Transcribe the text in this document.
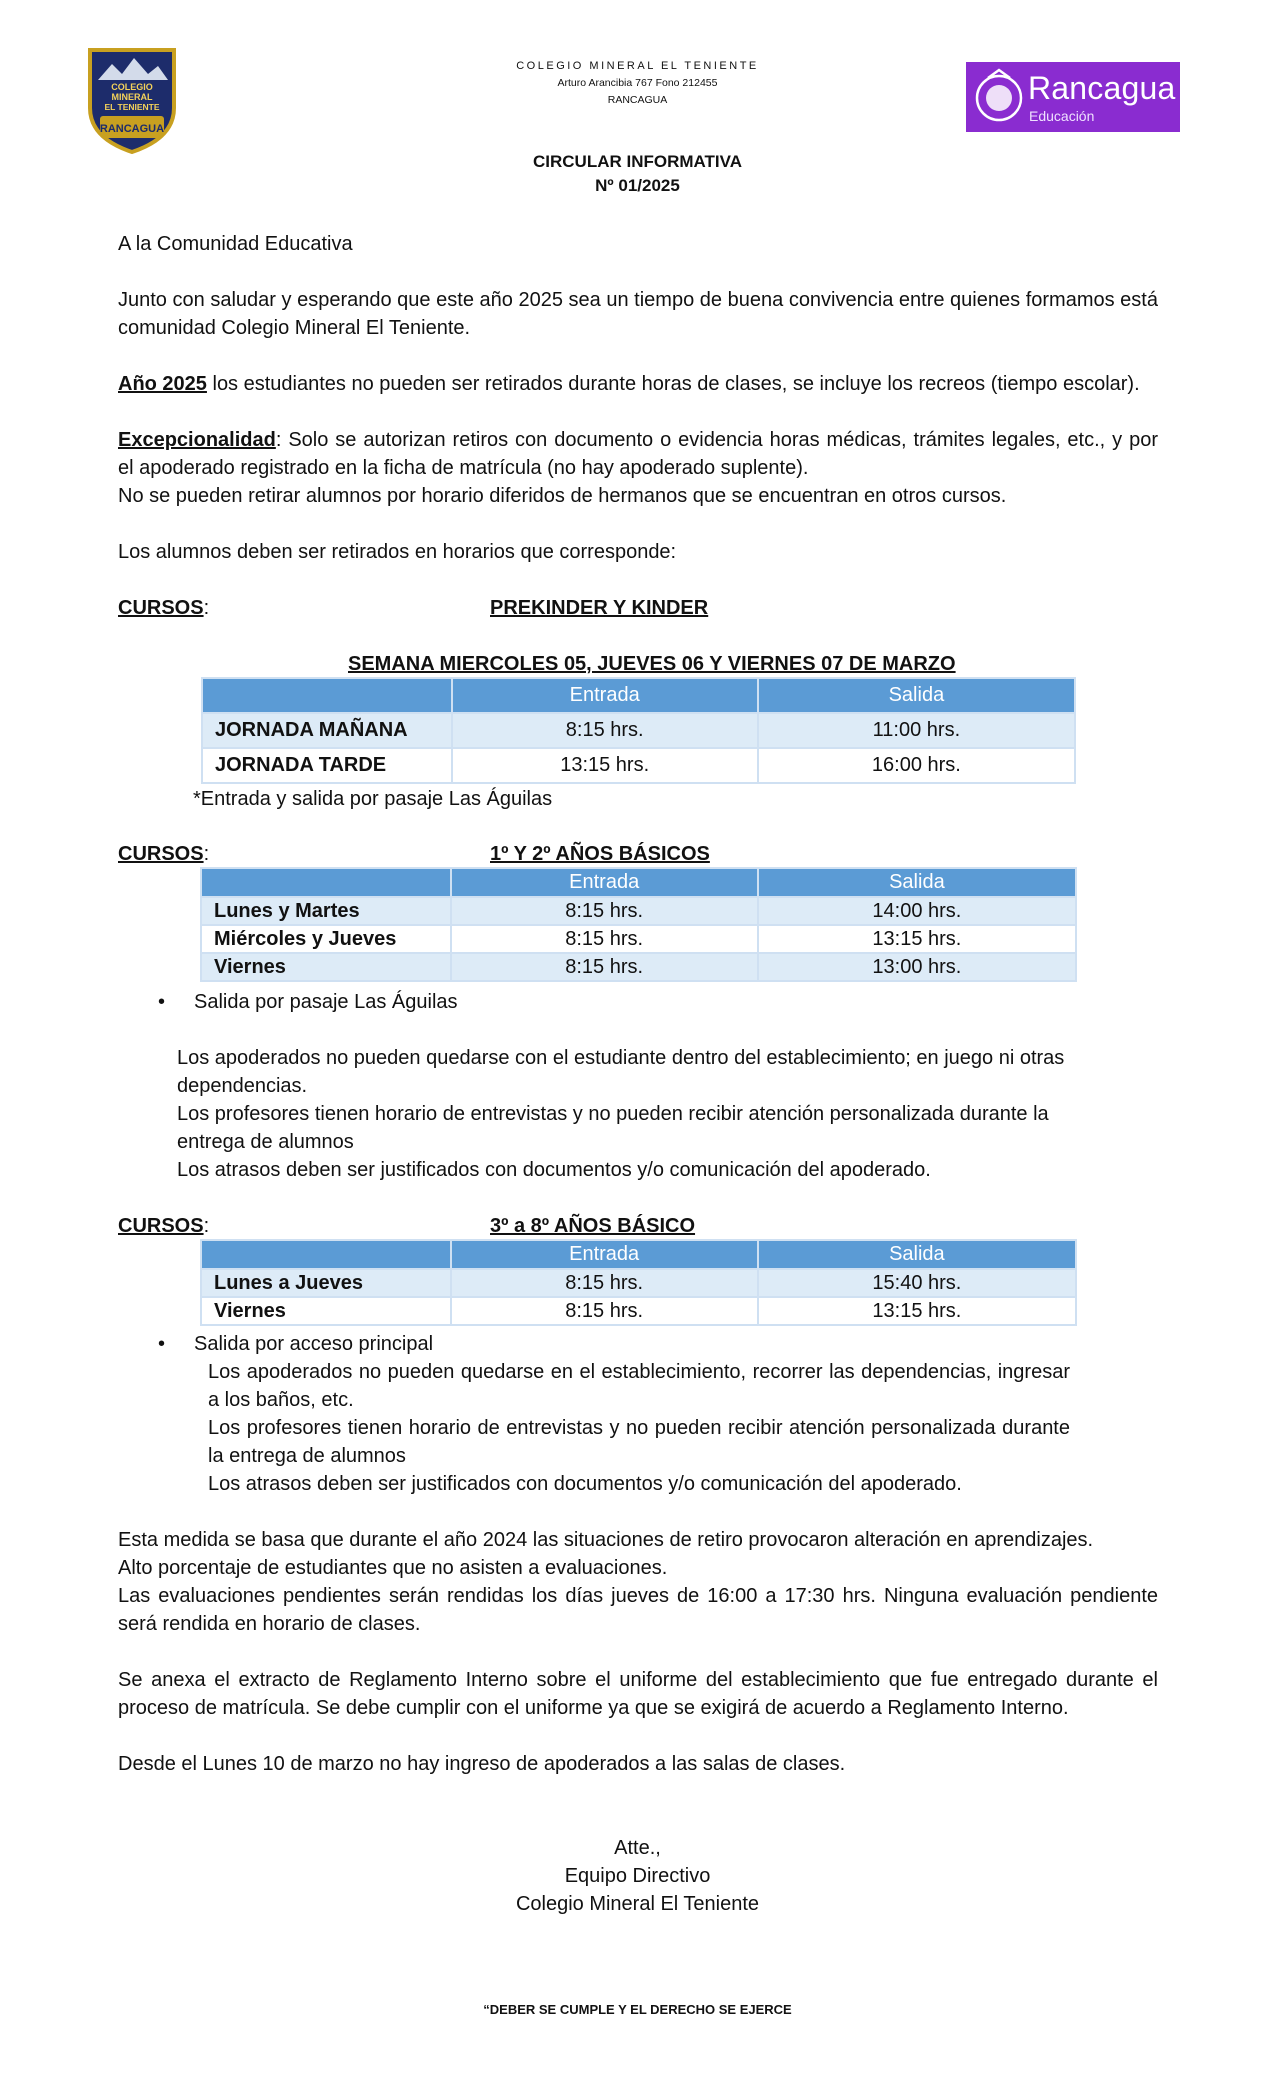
COLEGIO
MINERAL
EL TENIENTE
RANCAGUA
COLEGIO MINERAL EL TENIENTE
Arturo Arancibia 767 Fono 212455
RANCAGUA	Rancagua
Educación
CIRCULAR INFORMATIVA
Nº 01/2025

A la Comunidad Educativa

Junto con saludar y esperando que este año 2025 sea un tiempo de buena convivencia entre quienes formamos está comunidad Colegio Mineral El Teniente.

Año 2025 los estudiantes no pueden ser retirados durante horas de clases, se incluye los recreos (tiempo escolar).

Excepcionalidad: Solo se autorizan retiros con documento o evidencia horas médicas, trámites legales, etc., y por el apoderado registrado en la ficha de matrícula (no hay apoderado suplente).

No se pueden retirar alumnos por horario diferidos de hermanos que se encuentran en otros cursos.

Los alumnos deben ser retirados en horarios que corresponde:

CURSOS:	PREKINDER Y KINDER
SEMANA MIERCOLES 05, JUEVES 06 Y VIERNES 07 DE MARZO
	Entrada	Salida
JORNADA MAÑANA	8:15 hrs.	11:00 hrs.
JORNADA TARDE	13:15 hrs.	16:00 hrs.
*Entrada y salida por pasaje Las Águilas
CURSOS:	1º Y 2º AÑOS BÁSICOS
	Entrada	Salida
Lunes y Martes	8:15 hrs.	14:00 hrs.
Miércoles y Jueves	8:15 hrs.	13:15 hrs.
Viernes	8:15 hrs.	13:00 hrs.
• Salida por pasaje Las Águilas

Los apoderados no pueden quedarse con el estudiante dentro del establecimiento; en juego ni otras dependencias.

Los profesores tienen horario de entrevistas y no pueden recibir atención personalizada durante la entrega de alumnos

Los atrasos deben ser justificados con documentos y/o comunicación del apoderado.

CURSOS:	3º a 8º AÑOS BÁSICO
	Entrada	Salida
Lunes a Jueves	8:15 hrs.	15:40 hrs.
Viernes	8:15 hrs.	13:15 hrs.
• Salida por acceso principal

Los apoderados no pueden quedarse en el establecimiento, recorrer las dependencias, ingresar a los baños, etc.

Los profesores tienen horario de entrevistas y no pueden recibir atención personalizada durante la entrega de alumnos

Los atrasos deben ser justificados con documentos y/o comunicación del apoderado.

Esta medida se basa que durante el año 2024 las situaciones de retiro provocaron alteración en aprendizajes.

Alto porcentaje de estudiantes que no asisten a evaluaciones.

Las evaluaciones pendientes serán rendidas los días jueves de 16:00 a 17:30 hrs. Ninguna evaluación pendiente será rendida en horario de clases.

Se anexa el extracto de Reglamento Interno sobre el uniforme del establecimiento que fue entregado durante el proceso de matrícula. Se debe cumplir con el uniforme ya que se exigirá de acuerdo a Reglamento Interno.

Desde el Lunes 10 de marzo no hay ingreso de apoderados a las salas de clases.

Atte.,
Equipo Directivo
Colegio Mineral El Teniente
“DEBER SE CUMPLE Y EL DERECHO SE EJERCE
